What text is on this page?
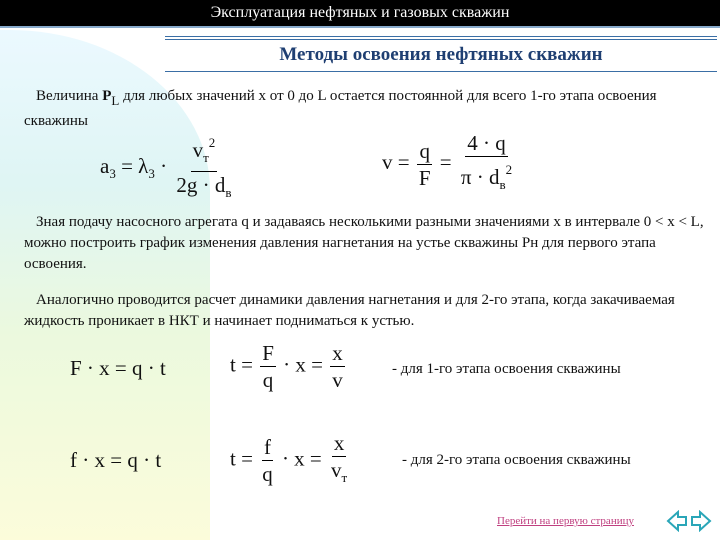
Эксплуатация нефтяных и газовых скважин
Методы освоения нефтяных скважин
Величина PL для любых значений х от 0 до L остается постоянной для всего 1-го этапа освоения скважины
$a_3 = \lambda_3 \cdot \frac{v_т^2}{2g \cdot d_в}$	$v = \frac{q}{F} = \frac{4 \cdot q}{\pi \cdot d_в^2}$
Зная подачу насосного агрегата q и задаваясь несколькими разными значениями x в интервале 0 < x < L, можно построить график изменения давления нагнетания на устье скважины Рн для первого этапа освоения.
Аналогично проводится расчет динамики давления нагнетания и для 2-го этапа, когда закачиваемая жидкость проникает в НКТ и начинает подниматься к устью.
F · x = q · t	$t = \frac{F}{q} \cdot x = \frac{x}{v}$	- для 1-го этапа освоения скважины
f · x = q · t	$t = \frac{f}{q} \cdot x = \frac{x}{v_т}$	- для 2-го этапа освоения скважины
Перейти на первую страницу
